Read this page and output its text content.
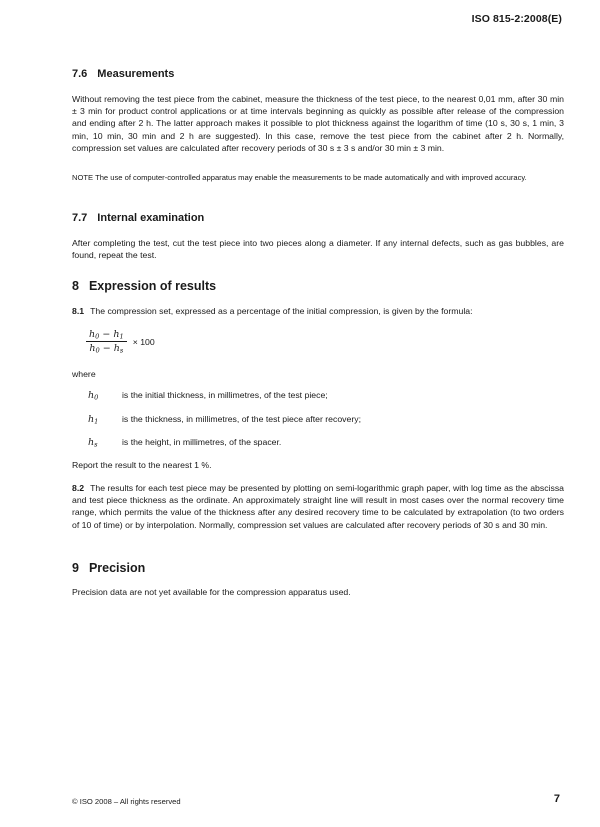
ISO 815-2:2008(E)
7.6 Measurements
Without removing the test piece from the cabinet, measure the thickness of the test piece, to the nearest 0,01 mm, after 30 min ± 3 min for product control applications or at time intervals beginning as quickly as possible after release of the compression and ending after 2 h. The latter approach makes it possible to plot thickness against the logarithm of time (10 s, 30 s, 1 min, 3 min, 10 min, 30 min and 2 h are suggested). In this case, remove the test piece from the cabinet after 2 h. Normally, compression set values are calculated after recovery periods of 30 s ± 3 s and/or 30 min ± 3 min.
NOTE The use of computer-controlled apparatus may enable the measurements to be made automatically and with improved accuracy.
7.7 Internal examination
After completing the test, cut the test piece into two pieces along a diameter. If any internal defects, such as gas bubbles, are found, repeat the test.
8 Expression of results
8.1 The compression set, expressed as a percentage of the initial compression, is given by the formula:
$\frac{h_0 - h_1}{h_0 - h_s} \times 100$
where
$h_0$	is the initial thickness, in millimetres, of the test piece;
$h_1$	is the thickness, in millimetres, of the test piece after recovery;
$h_s$	is the height, in millimetres, of the spacer.
Report the result to the nearest 1 %.
8.2 The results for each test piece may be presented by plotting on semi-logarithmic graph paper, with log time as the abscissa and test piece thickness as the ordinate. An approximately straight line will result in most cases over the normal recovery time range, which permits the value of the thickness after any desired recovery time to be calculated by extrapolation (to two orders of 10 of time) or by interpolation. Normally, compression set values are calculated after recovery periods of 30 s and 30 min.
9 Precision
Precision data are not yet available for the compression apparatus used.
© ISO 2008 – All rights reserved	7
